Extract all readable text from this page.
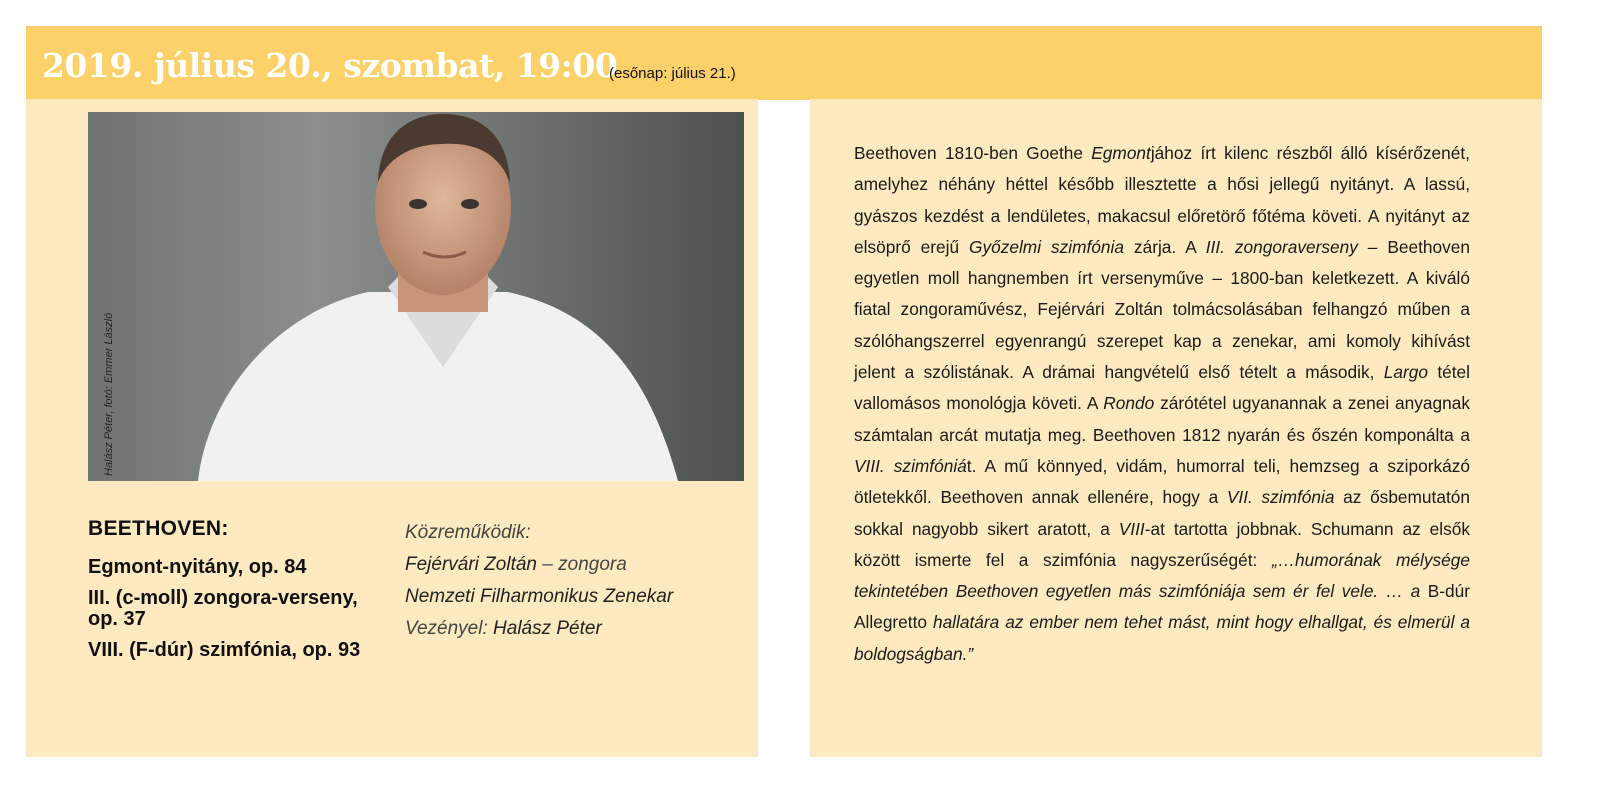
2019. július 20., szombat, 19:00
(esőnap: július 21.)
Halász Péter, fotó: Emmer László
BEETHOVEN:
Egmont-nyitány, op. 84
III. (c-moll) zongora-verseny, op. 37
VIII. (F-dúr) szimfónia, op. 93
Közreműködik:
Fejérvári Zoltán – zongora
Nemzeti Filharmonikus Zenekar
Vezényel: Halász Péter

Beethoven 1810-ben Goethe Egmontjához írt kilenc részből álló kísérőzenét, amelyhez néhány héttel később illesztette a hősi jellegű nyitányt. A lassú, gyászos kezdést a lendületes, makacsul előretörő főtéma követi. A nyitányt az elsöprő erejű Győzelmi szimfónia zárja. A III. zongoraverseny – Beethoven egyetlen moll hangnemben írt versenyműve – 1800-ban keletkezett. A kiváló fiatal zongoraművész, Fejérvári Zoltán tolmácsolásában felhangzó műben a szólóhangszerrel egyenrangú szerepet kap a zenekar, ami komoly kihívást jelent a szólistának. A drámai hangvételű első tételt a második, Largo tétel vallomásos monológja követi. A Rondo zárótétel ugyanannak a zenei anyagnak számtalan arcát mutatja meg. Beethoven 1812 nyarán és őszén komponálta a VIII. szimfóniát. A mű könnyed, vidám, humorral teli, hemzseg a sziporkázó ötletekkől. Beethoven annak ellenére, hogy a VII. szimfónia az ősbemutatón sokkal nagyobb sikert aratott, a VIII-at tartotta jobbnak. Schumann az elsők között ismerte fel a szimfónia nagyszerűségét: „…humorának mélysége tekintetében Beethoven egyetlen más szimfóniája sem ér fel vele. … a B-dúr Allegretto hallatára az ember nem tehet mást, mint hogy elhallgat, és elmerül a boldogságban.”
